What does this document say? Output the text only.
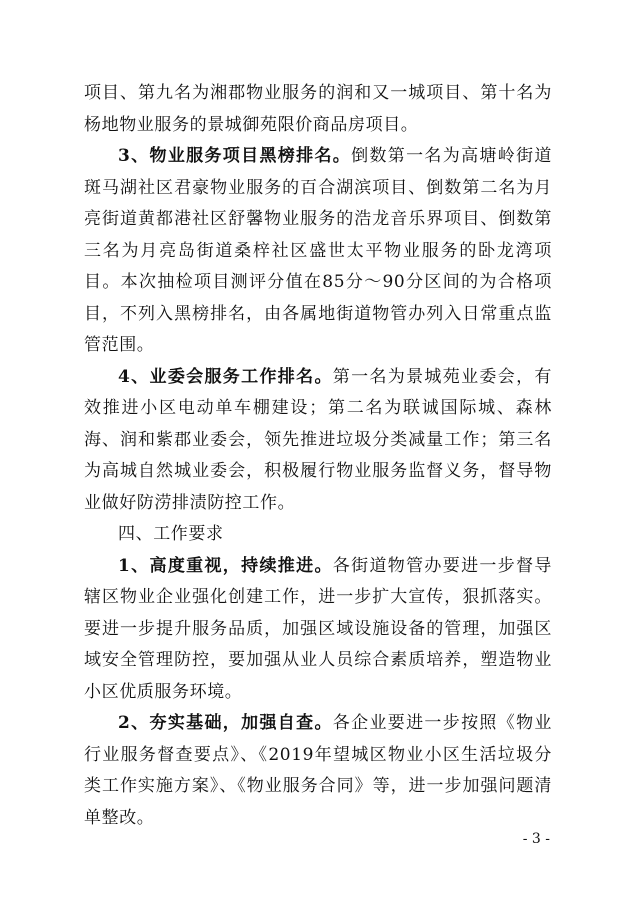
项目、第九名为湘郡物业服务的润和又一城项目、第十名为杨地物业服务的景城御苑限价商品房项目。

3、物业服务项目黑榜排名。倒数第一名为高塘岭街道斑马湖社区君豪物业服务的百合湖滨项目、倒数第二名为月亮街道黄都港社区舒馨物业服务的浩龙音乐界项目、倒数第三名为月亮岛街道桑梓社区盛世太平物业服务的卧龙湾项目。本次抽检项目测评分值在85分～90分区间的为合格项目，不列入黑榜排名，由各属地街道物管办列入日常重点监管范围。

4、业委会服务工作排名。第一名为景城苑业委会，有效推进小区电动单车棚建设；第二名为联诚国际城、森林海、润和紫郡业委会，领先推进垃圾分类减量工作；第三名为高城自然城业委会，积极履行物业服务监督义务，督导物业做好防涝排渍防控工作。

四、工作要求

1、高度重视，持续推进。各街道物管办要进一步督导辖区物业企业强化创建工作，进一步扩大宣传，狠抓落实。要进一步提升服务品质，加强区域设施设备的管理，加强区域安全管理防控，要加强从业人员综合素质培养，塑造物业小区优质服务环境。

2、夯实基础，加强自查。各企业要进一步按照《物业行业服务督查要点》、《2019年望城区物业小区生活垃圾分类工作实施方案》、《物业服务合同》等，进一步加强问题清单整改。

- 3 -
